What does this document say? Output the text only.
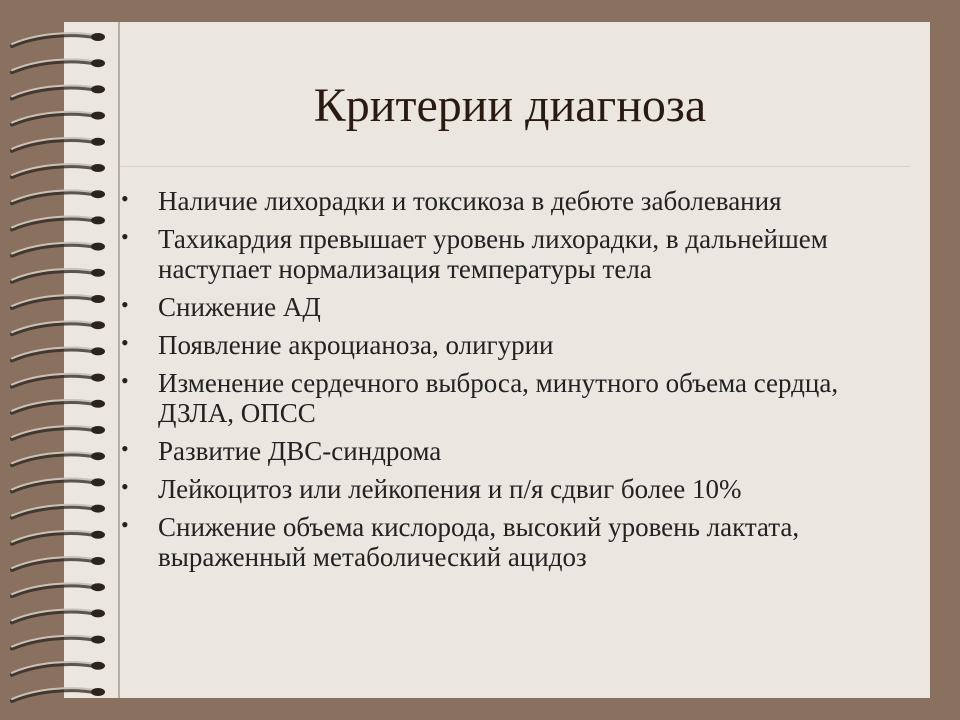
Критерии диагноза
• Наличие лихорадки и токсикоза в дебюте заболевания
• Тахикардия превышает уровень лихорадки, в дальнейшем наступает нормализация температуры тела
• Снижение АД
• Появление акроцианоза, олигурии
• Изменение сердечного выброса, минутного объема сердца, ДЗЛА, ОПСС
• Развитие ДВС-синдрома
• Лейкоцитоз или лейкопения и п/я сдвиг более 10%
• Снижение объема кислорода, высокий уровень лактата, выраженный метаболический ацидоз
